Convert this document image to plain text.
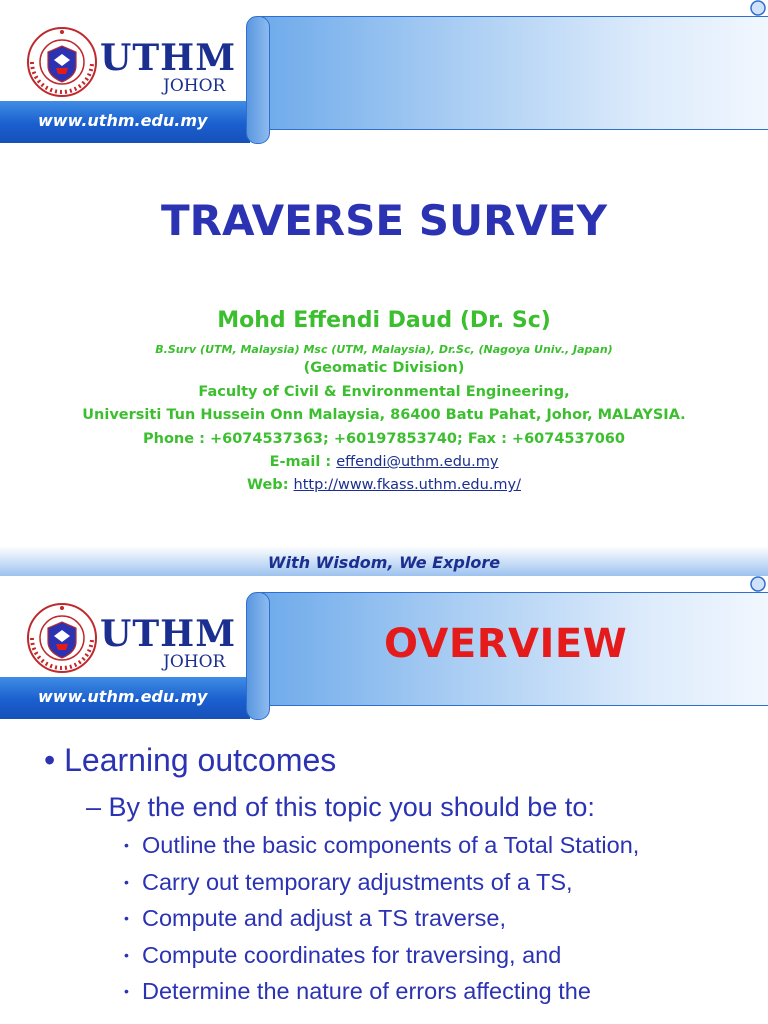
UTHM
JOHOR
www.uthm.edu.my
TRAVERSE SURVEY
Mohd Effendi Daud (Dr. Sc)
B.Surv (UTM, Malaysia) Msc (UTM, Malaysia), Dr.Sc, (Nagoya Univ., Japan)
(Geomatic Division)
Faculty of Civil & Environmental Engineering,
Universiti Tun Hussein Onn Malaysia, 86400 Batu Pahat, Johor, MALAYSIA.
Phone : +6074537363; +60197853740; Fax : +6074537060
E-mail : effendi@uthm.edu.my
Web: http://www.fkass.uthm.edu.my/
With Wisdom, We Explore
UTHM
JOHOR
www.uthm.edu.my
OVERVIEW
• Learning outcomes
– By the end of this topic you should be to:
• Outline the basic components of a Total Station,
• Carry out temporary adjustments of a TS,
• Compute and adjust a TS traverse,
• Compute coordinates for traversing, and
• Determine the nature of errors affecting the
